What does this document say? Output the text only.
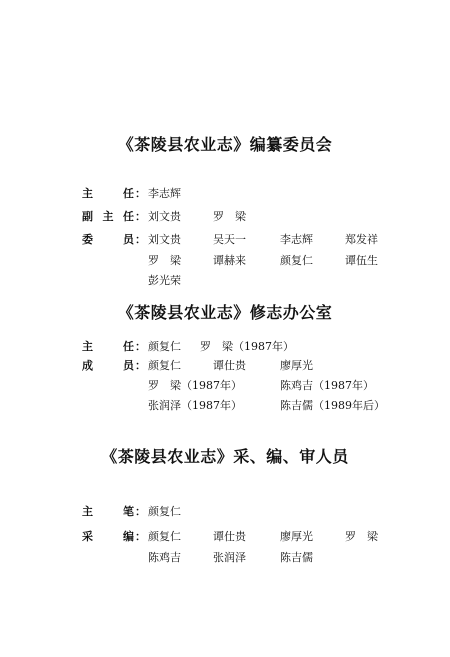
《茶陵县农业志》编纂委员会
主　任 ： 李志辉
副主任 ： 刘文贵	罗　梁
委　员 ： 刘文贵	吴天一	李志辉	郑发祥
罗　梁	谭赫来	颜复仁	谭伍生
彭光荣
《茶陵县农业志》修志办公室
主　任 ： 颜复仁 罗　梁（1987年）
成　员 ： 颜复仁	谭仕贵	廖厚光
罗　梁（1987年）	陈鸡吉（1987年）
张润泽（1987年）	陈吉儒（1989年后）
《茶陵县农业志》采、编、审人员
主　笔 ： 颜复仁
采　编 ： 颜复仁	谭仕贵	廖厚光	罗　梁
陈鸡吉	张润泽	陈吉儒
